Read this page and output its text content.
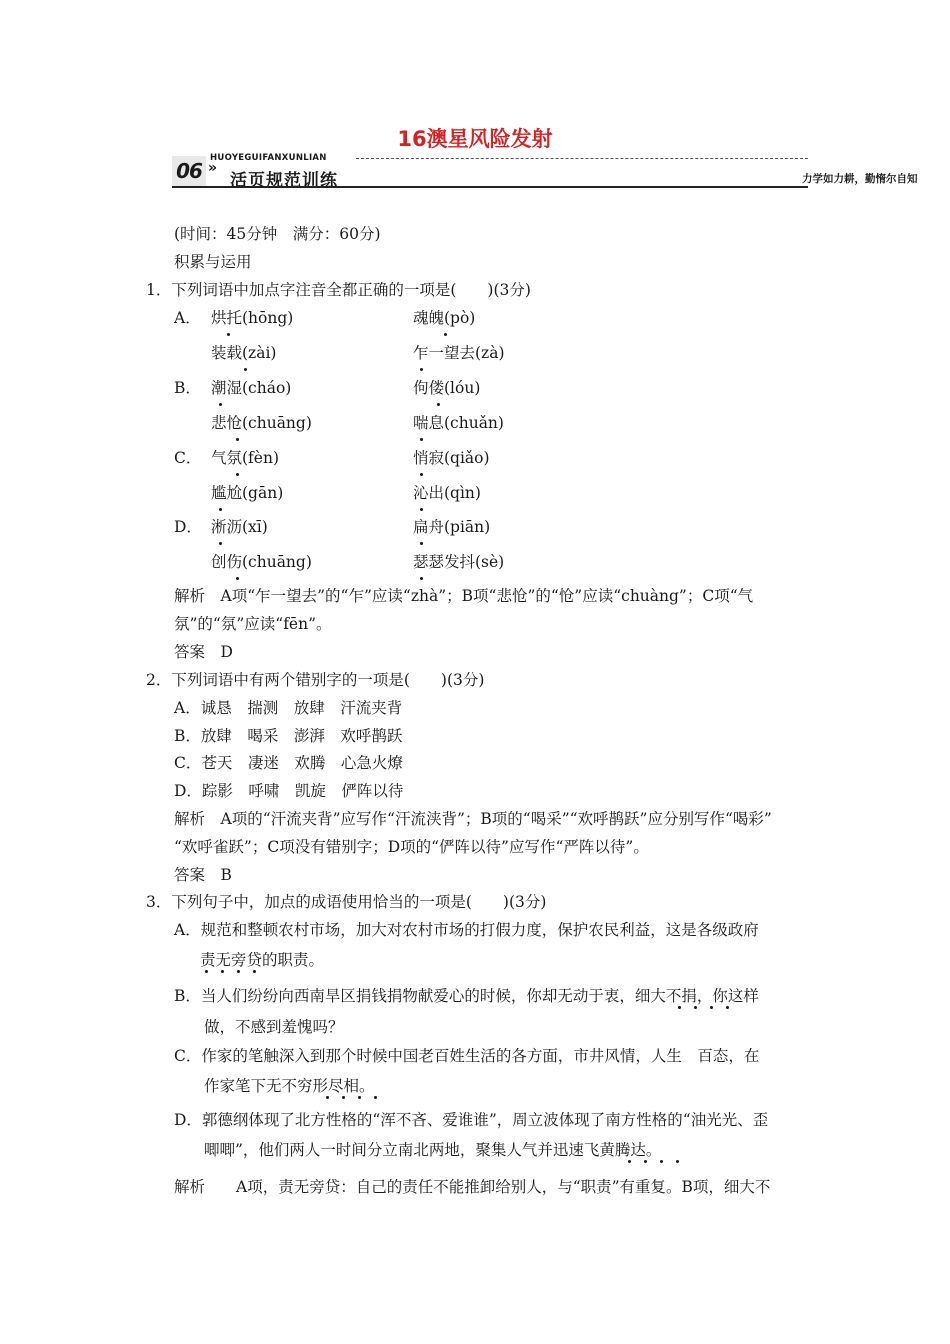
16澳星风险发射
06 »
HUOYEGUIFANXUNLIAN
活页规范训练	力学如力耕，勤惰尔自知
(时间：45分钟　满分：60分)
积累与运用
1．下列词语中加点字注音全都正确的一项是(　　)(3分)
A． 烘托(hōng)	魂魄(pò)
装载(zài)	乍一望去(zà)
B． 潮湿(cháo)	佝偻(lóu)
悲怆(chuāng)	喘息(chuǎn)
C． 气氛(fèn)	悄寂(qiǎo)
尴尬(gān)	沁出(qìn)
D． 淅沥(xī)	扁舟(piān)
创伤(chuāng)	瑟瑟发抖(sè)
解析　A项“乍一望去”的“乍”应读“zhà”；B项“悲怆”的“怆”应读“chuàng”；C项“气
氛”的“氛”应读“fēn”。
答案　D
2．下列词语中有两个错别字的一项是(　　)(3分)
A．诚恳　揣测　放肆　汗流夹背
B．放肆　喝采　澎湃　欢呼鹊跃
C．苍天　凄迷　欢腾　心急火燎
D．踪影　呼啸　凯旋　俨阵以待
解析　A项的“汗流夹背”应写作“汗流浃背”；B项的“喝采”“欢呼鹊跃”应分别写作“喝彩”
“欢呼雀跃”；C项没有错别字；D项的“俨阵以待”应写作“严阵以待”。
答案　B
3．下列句子中，加点的成语使用恰当的一项是(　　)(3分)
A．规范和整顿农村市场，加大对农村市场的打假力度，保护农民利益，这是各级政府
责无旁贷的职责。
B．当人们纷纷向西南旱区捐钱捐物献爱心的时候，你却无动于衷，细大不捐，你这样
做，不感到羞愧吗？
C．作家的笔触深入到那个时候中国老百姓生活的各方面，市井风情，人生　百态，在
作家笔下无不穷形尽相。
D．郭德纲体现了北方性格的“浑不吝、爱谁谁”，周立波体现了南方性格的“油光光、歪
唧唧”，他们两人一时间分立南北两地，聚集人气并迅速飞黄腾达。
解析　　A项，责无旁贷：自己的责任不能推卸给别人，与“职责”有重复。B项，细大不
